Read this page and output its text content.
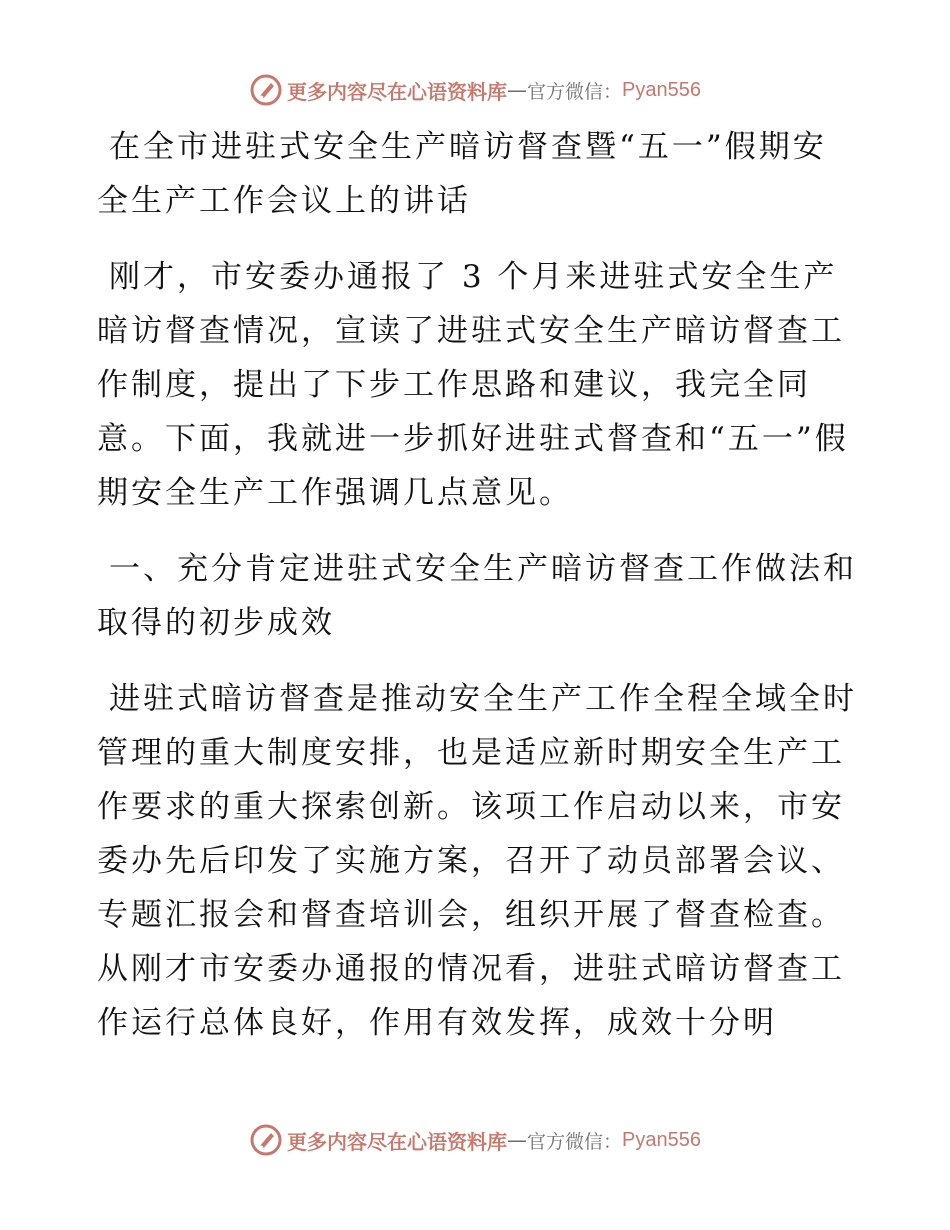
更多内容尽在心语资料库 — 官方微信： Pyan556

在全市进驻式安全生产暗访督查暨“五一”假期安全生产工作会议上的讲话

刚才，市安委办通报了 3 个月来进驻式安全生产暗访督查情况，宣读了进驻式安全生产暗访督查工作制度，提出了下步工作思路和建议，我完全同意。下面，我就进一步抓好进驻式督查和“五一”假期安全生产工作强调几点意见。

一、充分肯定进驻式安全生产暗访督查工作做法和取得的初步成效

进驻式暗访督查是推动安全生产工作全程全域全时管理的重大制度安排，也是适应新时期安全生产工作要求的重大探索创新。该项工作启动以来，市安委办先后印发了实施方案，召开了动员部署会议、专题汇报会和督查培训会，组织开展了督查检查。从刚才市安委办通报的情况看，进驻式暗访督查工作运行总体良好，作用有效发挥，成效十分明

更多内容尽在心语资料库 — 官方微信： Pyan556
